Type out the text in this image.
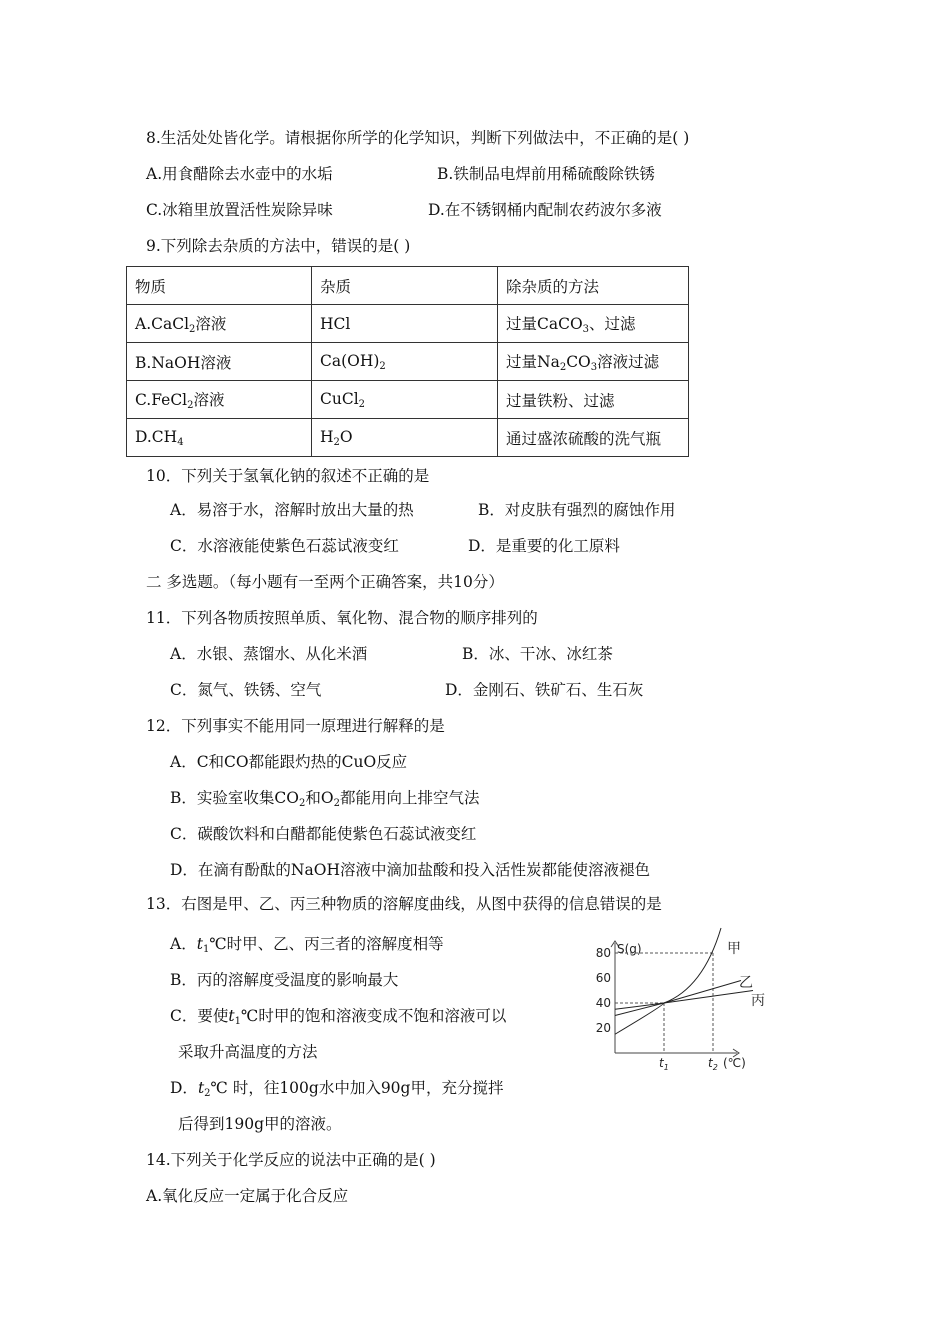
8.生活处处皆化学。请根据你所学的化学知识，判断下列做法中，不正确的是( )
A.用食醋除去水壶中的水垢	B.铁制品电焊前用稀硫酸除铁锈
C.冰箱里放置活性炭除异味	D.在不锈钢桶内配制农药波尔多液
9.下列除去杂质的方法中，错误的是( )
物质	杂质	除杂质的方法
A.CaCl$_2$溶液	HCl	过量CaCO$_3$、过滤
B.NaOH溶液	$Ca(OH)_2$	过量$Na_2CO_3$溶液过滤
C.FeCl$_2$溶液	CuCl$_2$	过量铁粉、过滤
$D.CH_4$	$H_2O$	通过盛浓硫酸的洗气瓶
10．下列关于氢氧化钠的叙述不正确的是
A．易溶于水，溶解时放出大量的热	B．对皮肤有强烈的腐蚀作用
C．水溶液能使紫色石蕊试液变红	D．是重要的化工原料
二 多选题。（每小题有一至两个正确答案，共10分）
11．下列各物质按照单质、氧化物、混合物的顺序排列的
A．水银、蒸馏水、从化米酒	B．冰、干冰、冰红茶
C．氮气、铁锈、空气	D．金刚石、铁矿石、生石灰
12．下列事实不能用同一原理进行解释的是
A．C和CO都能跟灼热的CuO反应
B．实验室收集$CO_2$和$O_2$都能用向上排空气法
C．碳酸饮料和白醋都能使紫色石蕊试液变红
D．在滴有酚酞的NaOH溶液中滴加盐酸和投入活性炭都能使溶液褪色
13．右图是甲、乙、丙三种物质的溶解度曲线，从图中获得的信息错误的是
A．$t_1℃$时甲、乙、丙三者的溶解度相等
B．丙的溶解度受温度的影响最大
C．要使$t_1℃$时甲的饱和溶液变成不饱和溶液可以
采取升高温度的方法
D．$t_2℃$ 时，往100g水中加入90g甲，充分搅拌
后得到190g甲的溶液。
S(g)
80
60
40
20
$t_1$	$t_2$ (℃)
甲
乙
丙
14.下列关于化学反应的说法中正确的是( )
A.氧化反应一定属于化合反应
